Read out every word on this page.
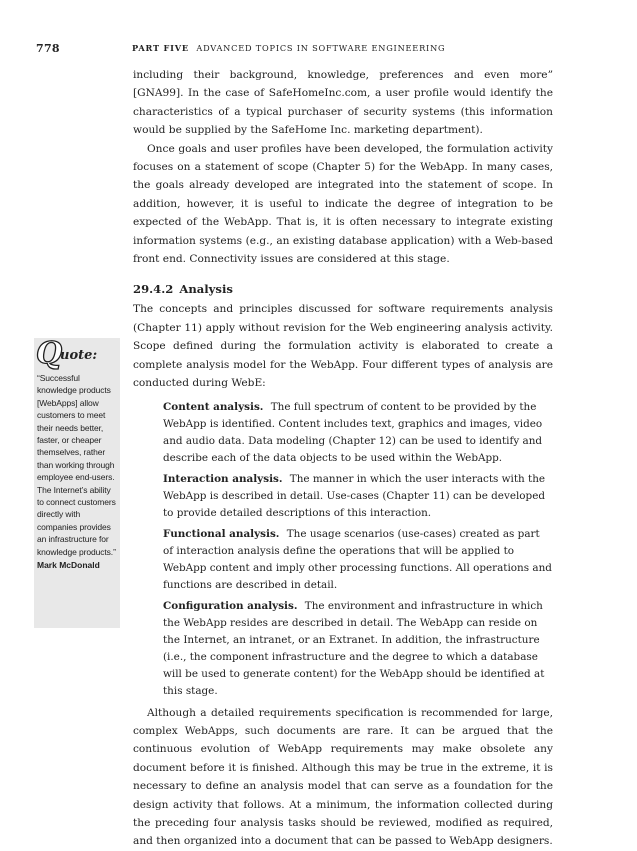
778	PART FIVE ADVANCED TOPICS IN SOFTWARE ENGINEERING
Q
uote:
“Successful knowledge products [WebApps] allow customers to meet their needs better, faster, or cheaper themselves, rather than working through employee end-users. The Internet’s ability to connect customers directly with companies provides an infrastructure for knowledge products.”
Mark McDonald

including their background, knowledge, preferences and even more” [GNA99]. In the case of SafeHomeInc.com, a user profile would identify the characteristics of a typical purchaser of security systems (this information would be supplied by the SafeHome Inc. marketing department).

Once goals and user profiles have been developed, the formulation activity focuses on a statement of scope (Chapter 5) for the WebApp. In many cases, the goals already developed are integrated into the statement of scope. In addition, however, it is useful to indicate the degree of integration to be expected of the WebApp. That is, it is often necessary to integrate existing information systems (e.g., an existing database application) with a Web-based front end. Connectivity issues are considered at this stage.

29.4.2 Analysis

The concepts and principles discussed for software requirements analysis (Chapter 11) apply without revision for the Web engineering analysis activity. Scope defined during the formulation activity is elaborated to create a complete analysis model for the WebApp. Four different types of analysis are conducted during WebE:

Content analysis. The full spectrum of content to be provided by the WebApp is identified. Content includes text, graphics and images, video and audio data. Data modeling (Chapter 12) can be used to identify and describe each of the data objects to be used within the WebApp.
Interaction analysis. The manner in which the user interacts with the WebApp is described in detail. Use-cases (Chapter 11) can be developed to provide detailed descriptions of this interaction.
Functional analysis. The usage scenarios (use-cases) created as part of interaction analysis define the operations that will be applied to WebApp content and imply other processing functions. All operations and functions are described in detail.
Configuration analysis. The environment and infrastructure in which the WebApp resides are described in detail. The WebApp can reside on the Internet, an intranet, or an Extranet. In addition, the infrastructure (i.e., the component infrastructure and the degree to which a database will be used to generate content) for the WebApp should be identified at this stage.

Although a detailed requirements specification is recommended for large, complex WebApps, such documents are rare. It can be argued that the continuous evolution of WebApp requirements may make obsolete any document before it is finished. Although this may be true in the extreme, it is necessary to define an analysis model that can serve as a foundation for the design activity that follows. At a minimum, the information collected during the preceding four analysis tasks should be reviewed, modified as required, and then organized into a document that can be passed to WebApp designers.
